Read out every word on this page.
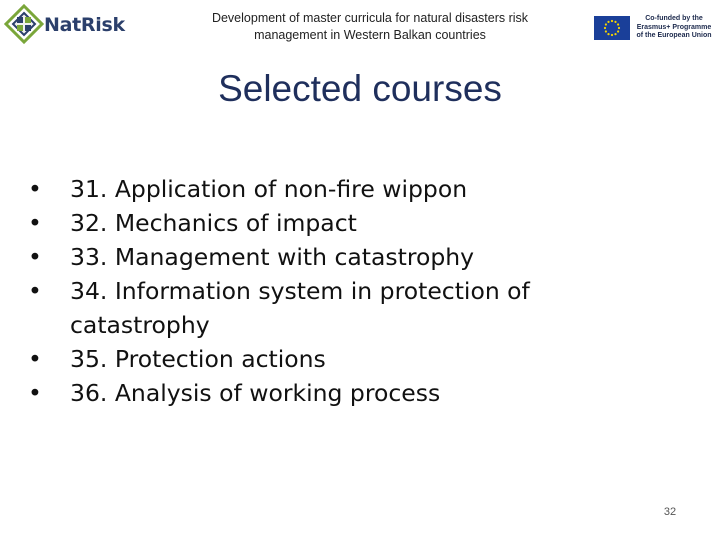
NatRisk	Development of master curricula for natural disasters risk
management in Western Balkan countries
Co-funded by the Erasmus+ Programme of the European Union
Selected courses
• 31. Application of non-fire wippon
• 32. Mechanics of impact
• 33. Management with catastrophy
• 34. Information system in protection of catastrophy
• 35. Protection actions
• 36. Analysis of working process
32
